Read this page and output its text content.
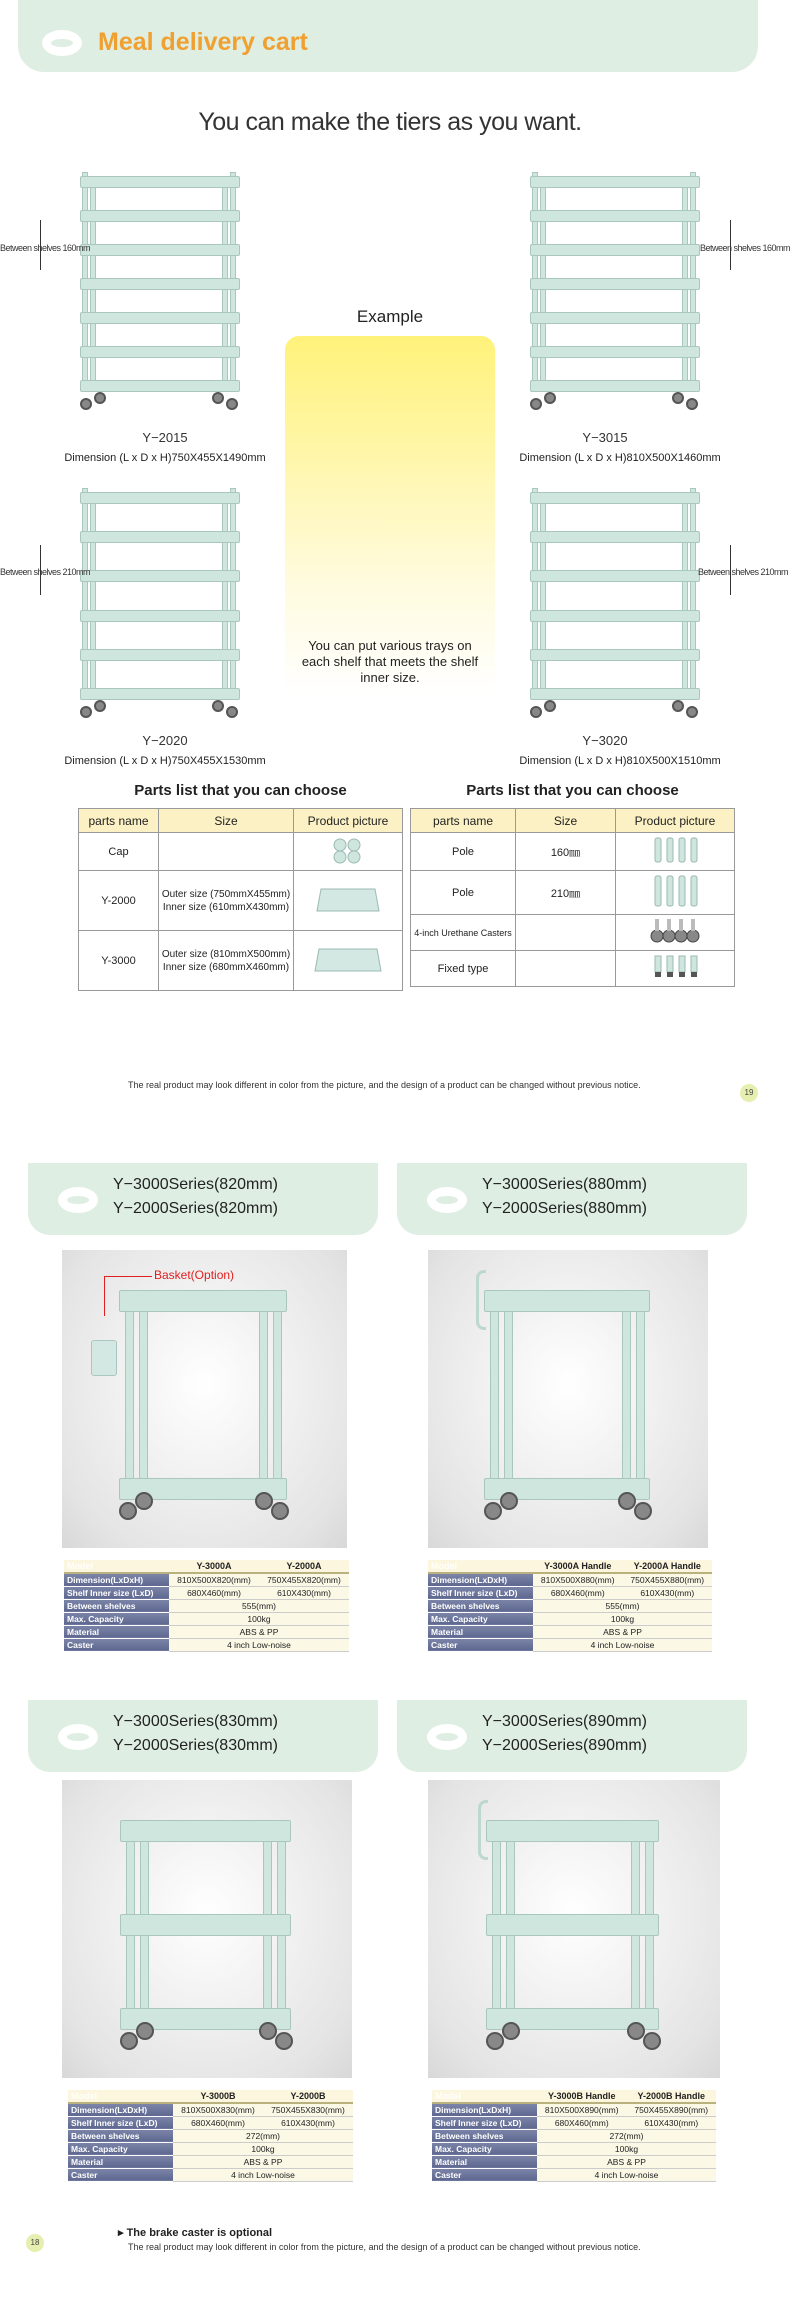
Meal delivery cart
You can make the tiers as you want.
Y−2015
Dimension (L x D x H)750X455X1490mm
Y−3015
Dimension (L x D x H)810X500X1460mm
Y−2020
Dimension (L x D x H)750X455X1530mm
Y−3020
Dimension (L x D x H)810X500X1510mm
Between shelves 160mm	Between shelves 160mm
Between shelves 210mm	Between shelves 210mm
Example
You can put various trays on each shelf that meets the shelf inner size.
Parts list that you can choose	Parts list that you can choose
parts name	Size	Product picture
Cap		
Y-2000	Outer size (750mmX455mm)
Inner size (610mmX430mm)	
Y-3000	Outer size (810mmX500mm)
Inner size (680mmX460mm)	
parts name	Size	Product picture
Pole	160㎜	
Pole	210㎜	
4-inch Urethane Casters		
Fixed type		
The real product may look different in color from the picture, and the design of a product can be changed without previous notice.
19
Y−3000Series(820mm)
Y−2000Series(820mm)
Basket(Option)
Model	Y-3000A	Y-2000A
Dimension(LxDxH)	810X500X820(mm)	750X455X820(mm)
Shelf Inner size (LxD)	680X460(mm)	610X430(mm)
Between shelves	555(mm)	
Max. Capacity	100kg	
Material	ABS & PP	
Caster	4 inch Low-noise	
Y−3000Series(880mm)
Y−2000Series(880mm)
Model	Y-3000A Handle	Y-2000A Handle
Dimension(LxDxH)	810X500X880(mm)	750X455X880(mm)
Shelf Inner size (LxD)	680X460(mm)	610X430(mm)
Between shelves	555(mm)	
Max. Capacity	100kg	
Material	ABS & PP	
Caster	4 inch Low-noise	
Y−3000Series(830mm)
Y−2000Series(830mm)
Model	Y-3000B	Y-2000B
Dimension(LxDxH)	810X500X830(mm)	750X455X830(mm)
Shelf Inner size (LxD)	680X460(mm)	610X430(mm)
Between shelves	272(mm)	
Max. Capacity	100kg	
Material	ABS & PP	
Caster	4 inch Low-noise	
Y−3000Series(890mm)
Y−2000Series(890mm)
Model	Y-3000B Handle	Y-2000B Handle
Dimension(LxDxH)	810X500X890(mm)	750X455X890(mm)
Shelf Inner size (LxD)	680X460(mm)	610X430(mm)
Between shelves	272(mm)	
Max. Capacity	100kg	
Material	ABS & PP	
Caster	4 inch Low-noise	
▸ The brake caster is optional
The real product may look different in color from the picture, and the design of a product can be changed without previous notice.
18
